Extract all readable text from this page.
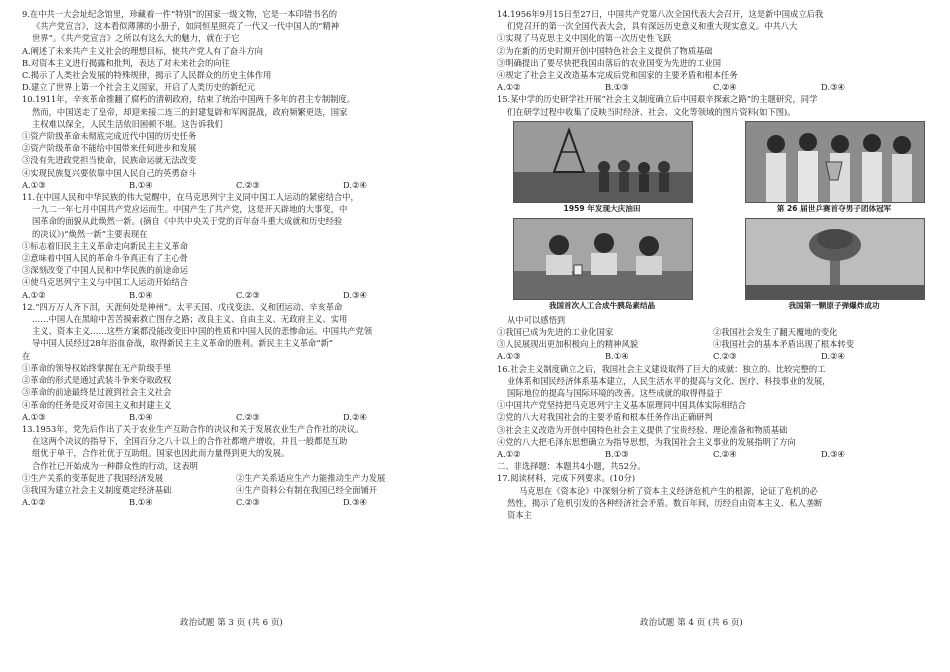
9.在中共一大会址纪念馆里，珍藏着一件“特别”的国家一级文物，它是一本印错书名的

《共产党宣言》，这本看似薄薄的小册子，如同恒星照亮了一代又一代中国人的“精神

世界”。《共产党宣言》之所以有这么大的魅力，就在于它

A.阐述了未来共产主义社会的理想目标，使共产党人有了奋斗方向

B.对资本主义进行揭露和批判，表达了对未来社会的向往

C.揭示了人类社会发展的特殊规律，揭示了人民群众的历史主体作用

D.建立了世界上第一个社会主义国家，开启了人类历史的新纪元

10.1911年，辛亥革命推翻了腐朽的清朝政府，结束了统治中国两千多年的君主专制制度。

然而，中国送走了皇帝，却迎来接二连三的封建复辟和军阀混战，政府频繁更迭，国家

主权难以保全，人民生活依旧困顿不堪。这告诉我们

①资产阶级革命未彻底完成近代中国的历史任务

②资产阶级革命不能给中国带来任何进步和发展

③没有先进政党担当使命，民族命运就无法改变

④实现民族复兴要依靠中国人民自己的英勇奋斗

A.①③	B.①④	C.②③	D.②④

11.在中国人民和中华民族的伟大觉醒中，在马克思列宁主义同中国工人运动的紧密结合中，

一九二一年七月中国共产党应运而生。中国产生了共产党，这是开天辟地的大事变，中

国革命的面貌从此焕然一新。(摘自《中共中央关于党的百年奋斗重大成就和历史经验

的决议》)“焕然一新”主要表现在

①标志着旧民主主义革命走向新民主主义革命

②意味着中国人民的革命斗争真正有了主心骨

③深刻改变了中国人民和中华民族的前途命运

④使马克思列宁主义与中国工人运动开始结合

A.①②	B.①④	C.②③	D.③④

12.“四万万人齐下泪，天涯何处是神州”。太平天国、戊戌变法、义和团运动、辛亥革命

……中国人在黑暗中苦苦摸索救亡图存之路；改良主义、自由主义、无政府主义、实用

主义、资本主义……这些方案都没能改变旧中国的性质和中国人民的悲惨命运。中国共产党领

导中国人民经过28年浴血奋战，取得新民主主义革命的胜利。新民主主义革命“新”

在

①革命的领导权始终掌握在无产阶级手里

②革命的形式是通过武装斗争来夺取政权

③革命的前途最终是过渡到社会主义社会

④革命的任务是反对帝国主义和封建主义

A.①③	B.①④	C.②③	D.②④

13.1953年，党先后作出了关于农业生产互助合作的决议和关于发展农业生产合作社的决议。

在这两个决议的指导下，全国百分之八十以上的合作社都增产增收，并且一般都是互助

组优于单干，合作社优于互助组。国家也因此而力量得到更大的发展。

合作社已开始成为一种群众性的行动，这表明

①生产关系的变革促进了我国经济发展	②生产关系适应生产力能推动生产力发展
③我国为建立社会主义制度奠定经济基础	④生产资料公有制在我国已经全面铺开
A.①②	B.①④	C.②③	D.③④
政治试题 第 3 页 (共 6 页)

14.1956年9月15日至27日，中国共产党第八次全国代表大会召开，这是新中国成立后我

们党召开的第一次全国代表大会，具有深远历史意义和重大现实意义。中共八大

①实现了马克思主义中国化的第一次历史性飞跃

②为在新的历史时期开创中国特色社会主义提供了物质基础

③明确提出了要尽快把我国由落后的农业国变为先进的工业国

④规定了社会主义改造基本完成后党和国家的主要矛盾和根本任务

A.①②	B.①③	C.②④	D.③④

15.某中学的历史研学社开展“社会主义制度确立后中国艰辛探索之路”的主题研究，同学

们在研学过程中收集了反映当时经济、社会、文化等领域的图片资料(如下图)。

1959 年发现大庆油田	第 26 届世乒赛首夺男子团体冠军
我国首次人工合成牛胰岛素结晶	我国第一颗原子弹爆炸成功

从中可以感悟到

①我国已成为先进的工业化国家	②我国社会发生了翻天覆地的变化
③人民展现出更加积极向上的精神风貌	④我国社会的基本矛盾出现了根本转变
A.①③	B.①④	C.②③	D.②④

16.社会主义制度确立之后，我国社会主义建设取得了巨大的成就：独立的、比较完整的工

业体系和国民经济体系基本建立，人民生活水平的提高与文化、医疗、科技事业的发展，

国际地位的提高与国际环境的改善。这些成就的取得得益于

①中国共产党坚持把马克思列宁主义基本原理同中国具体实际相结合

②党的八大对我国社会的主要矛盾和根本任务作出正确研判

③社会主义改造为开创中国特色社会主义提供了宝贵经验、理论准备和物质基础

④党的八大把毛泽东思想确立为指导思想，为我国社会主义事业的发展指明了方向

A.①②	B.①③	C.②④	D.③④

二、非选择题：本题共4小题，共52分。

17.阅读材料，完成下列要求。(10分)

马克思在《资本论》中深刻分析了资本主义经济危机产生的根源，论证了危机的必

然性，揭示了危机引发的各种经济社会矛盾。数百年间，历经自由资本主义、私人垄断

资本主

政治试题 第 4 页 (共 6 页)
